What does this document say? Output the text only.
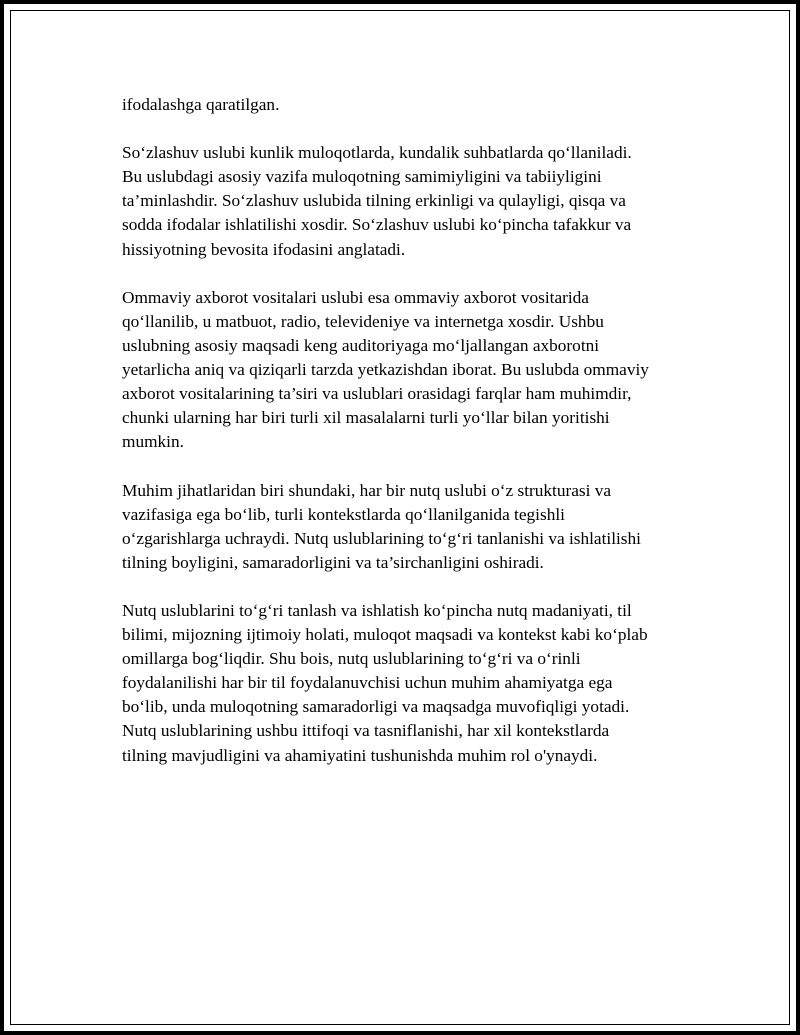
ifodalashga qaratilgan.

So‘zlashuv uslubi kunlik muloqotlarda, kundalik suhbatlarda qo‘llaniladi.
Bu uslubdagi asosiy vazifa muloqotning samimiyligini va tabiiyligini
ta’minlashdir. So‘zlashuv uslubida tilning erkinligi va qulayligi, qisqa va
sodda ifodalar ishlatilishi xosdir. So‘zlashuv uslubi ko‘pincha tafakkur va
hissiyotning bevosita ifodasini anglatadi.

Ommaviy axborot vositalari uslubi esa ommaviy axborot vositarida
qo‘llanilib, u matbuot, radio, televideniye va internetga xosdir. Ushbu
uslubning asosiy maqsadi keng auditoriyaga mo‘ljallangan axborotni
yetarlicha aniq va qiziqarli tarzda yetkazishdan iborat. Bu uslubda ommaviy
axborot vositalarining ta’siri va uslublari orasidagi farqlar ham muhimdir,
chunki ularning har biri turli xil masalalarni turli yo‘llar bilan yoritishi
mumkin.

Muhim jihatlaridan biri shundaki, har bir nutq uslubi o‘z strukturasi va
vazifasiga ega bo‘lib, turli kontekstlarda qo‘llanilganida tegishli
o‘zgarishlarga uchraydi. Nutq uslublarining to‘g‘ri tanlanishi va ishlatilishi
tilning boyligini, samaradorligini va ta’sirchanligini oshiradi.

Nutq uslublarini to‘g‘ri tanlash va ishlatish ko‘pincha nutq madaniyati, til
bilimi, mijozning ijtimoiy holati, muloqot maqsadi va kontekst kabi ko‘plab
omillarga bog‘liqdir. Shu bois, nutq uslublarining to‘g‘ri va o‘rinli
foydalanilishi har bir til foydalanuvchisi uchun muhim ahamiyatga ega
bo‘lib, unda muloqotning samaradorligi va maqsadga muvofiqligi yotadi.
Nutq uslublarining ushbu ittifoqi va tasniflanishi, har xil kontekstlarda
tilning mavjudligini va ahamiyatini tushunishda muhim rol o'ynaydi.
